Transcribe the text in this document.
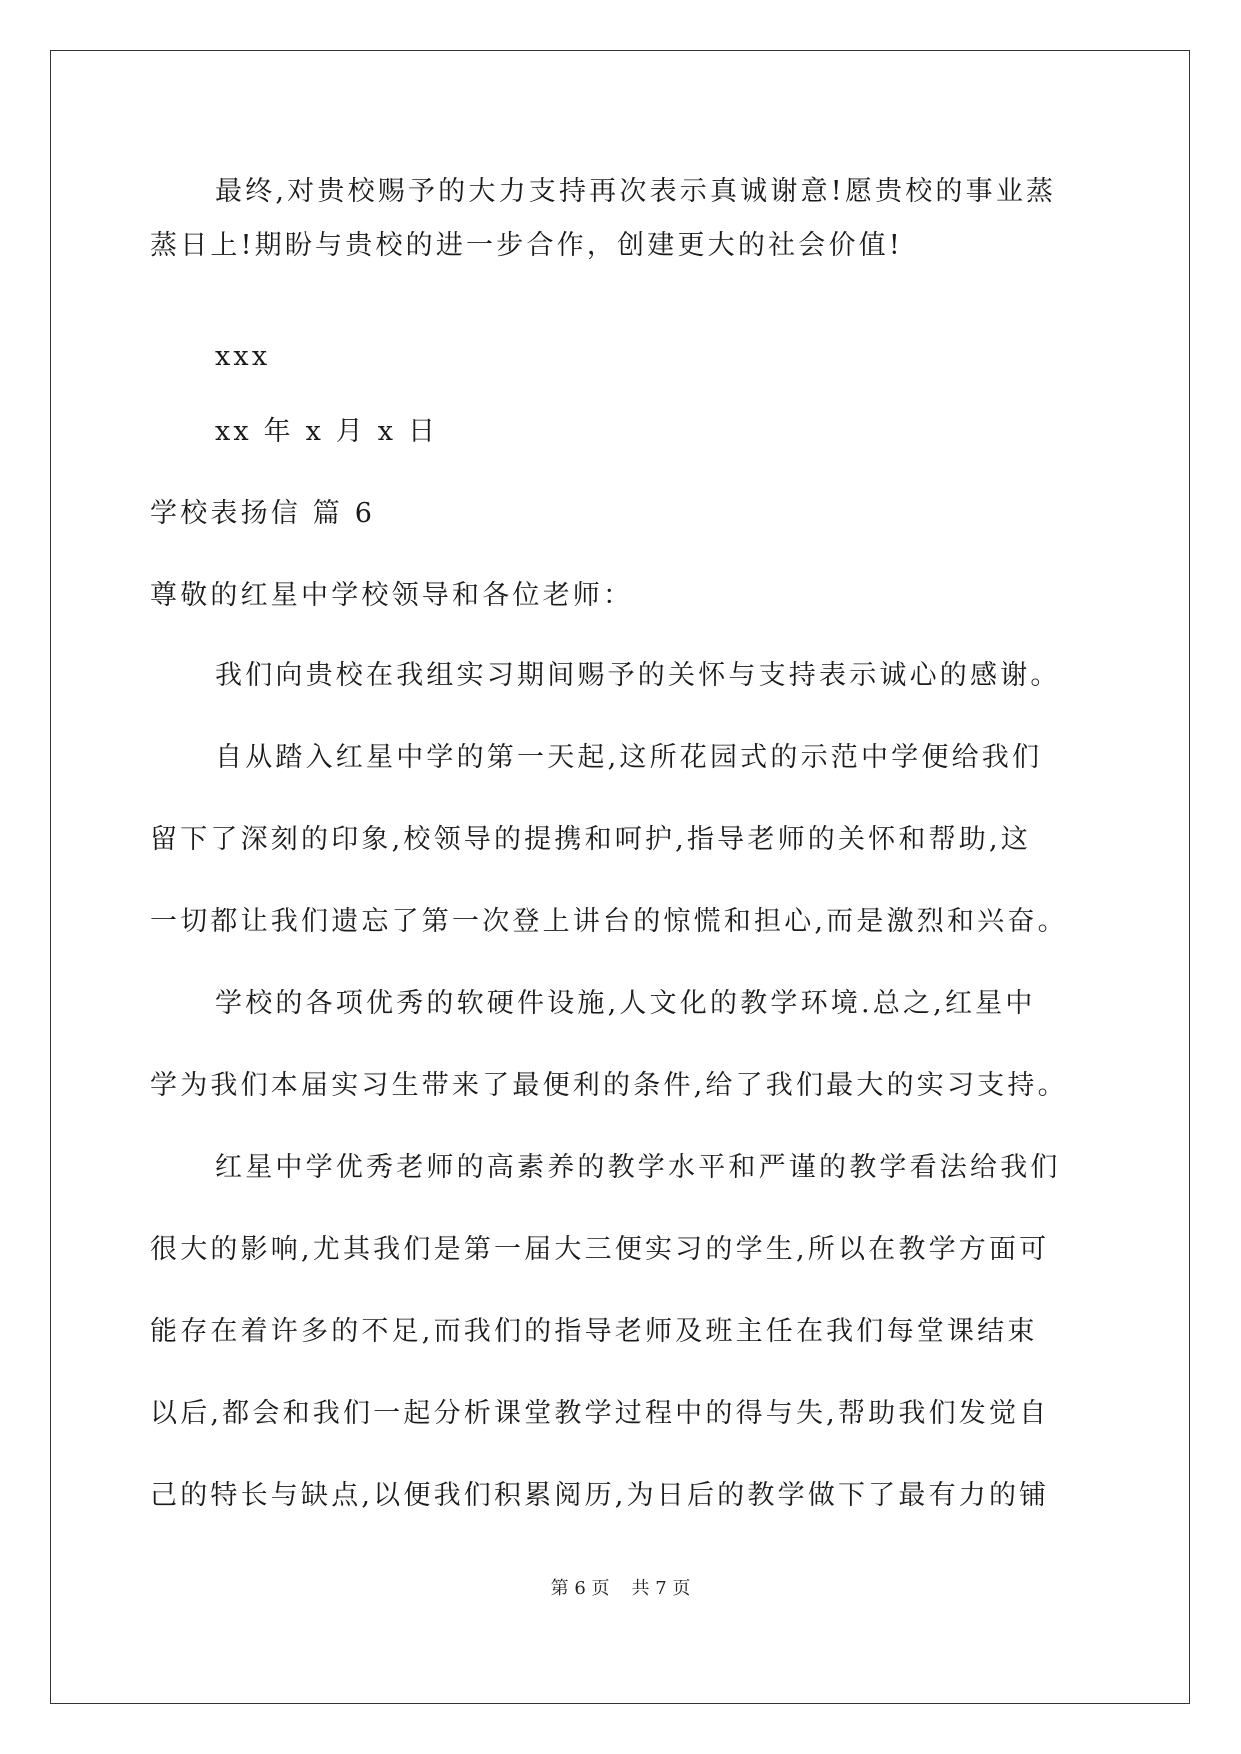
最终,对贵校赐予的大力支持再次表示真诚谢意!愿贵校的事业蒸
蒸日上!期盼与贵校的进一步合作，创建更大的社会价值!
xxx
xx 年 x 月 x 日
学校表扬信 篇 6
尊敬的红星中学校领导和各位老师：
我们向贵校在我组实习期间赐予的关怀与支持表示诚心的感谢。
自从踏入红星中学的第一天起,这所花园式的示范中学便给我们
留下了深刻的印象,校领导的提携和呵护,指导老师的关怀和帮助,这
一切都让我们遗忘了第一次登上讲台的惊慌和担心,而是激烈和兴奋。
学校的各项优秀的软硬件设施,人文化的教学环境.总之,红星中
学为我们本届实习生带来了最便利的条件,给了我们最大的实习支持。
红星中学优秀老师的高素养的教学水平和严谨的教学看法给我们
很大的影响,尤其我们是第一届大三便实习的学生,所以在教学方面可
能存在着许多的不足,而我们的指导老师及班主任在我们每堂课结束
以后,都会和我们一起分析课堂教学过程中的得与失,帮助我们发觉自
己的特长与缺点,以便我们积累阅历,为日后的教学做下了最有力的铺
第 6 页 共 7 页
